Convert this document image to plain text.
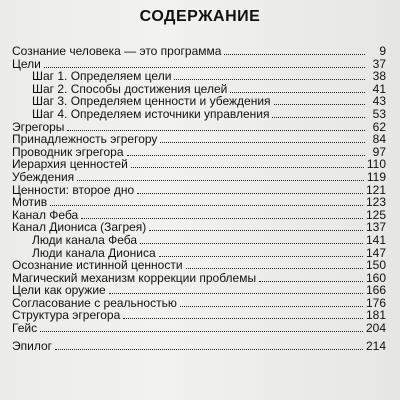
СОДЕРЖАНИЕ
Сознание человека — это программа	9
Цели	37
Шаг 1. Определяем цели	38
Шаг 2. Способы достижения целей	41
Шаг 3. Определяем ценности и убеждения	43
Шаг 4. Определяем источники управления	53
Эгрегоры	62
Принадлежность эгрегору	84
Проводник эгрегора	97
Иерархия ценностей	110
Убеждения	119
Ценности: второе дно	121
Мотив	123
Канал Феба	125
Канал Диониса (Загрея)	137
Люди канала Феба	141
Люди канала Диониса	147
Осознание истинной ценности	150
Магический механизм коррекции проблемы	160
Цели как оружие	166
Согласование с реальностью	176
Структура эгрегора	181
Гейс	204
Эпилог	214
